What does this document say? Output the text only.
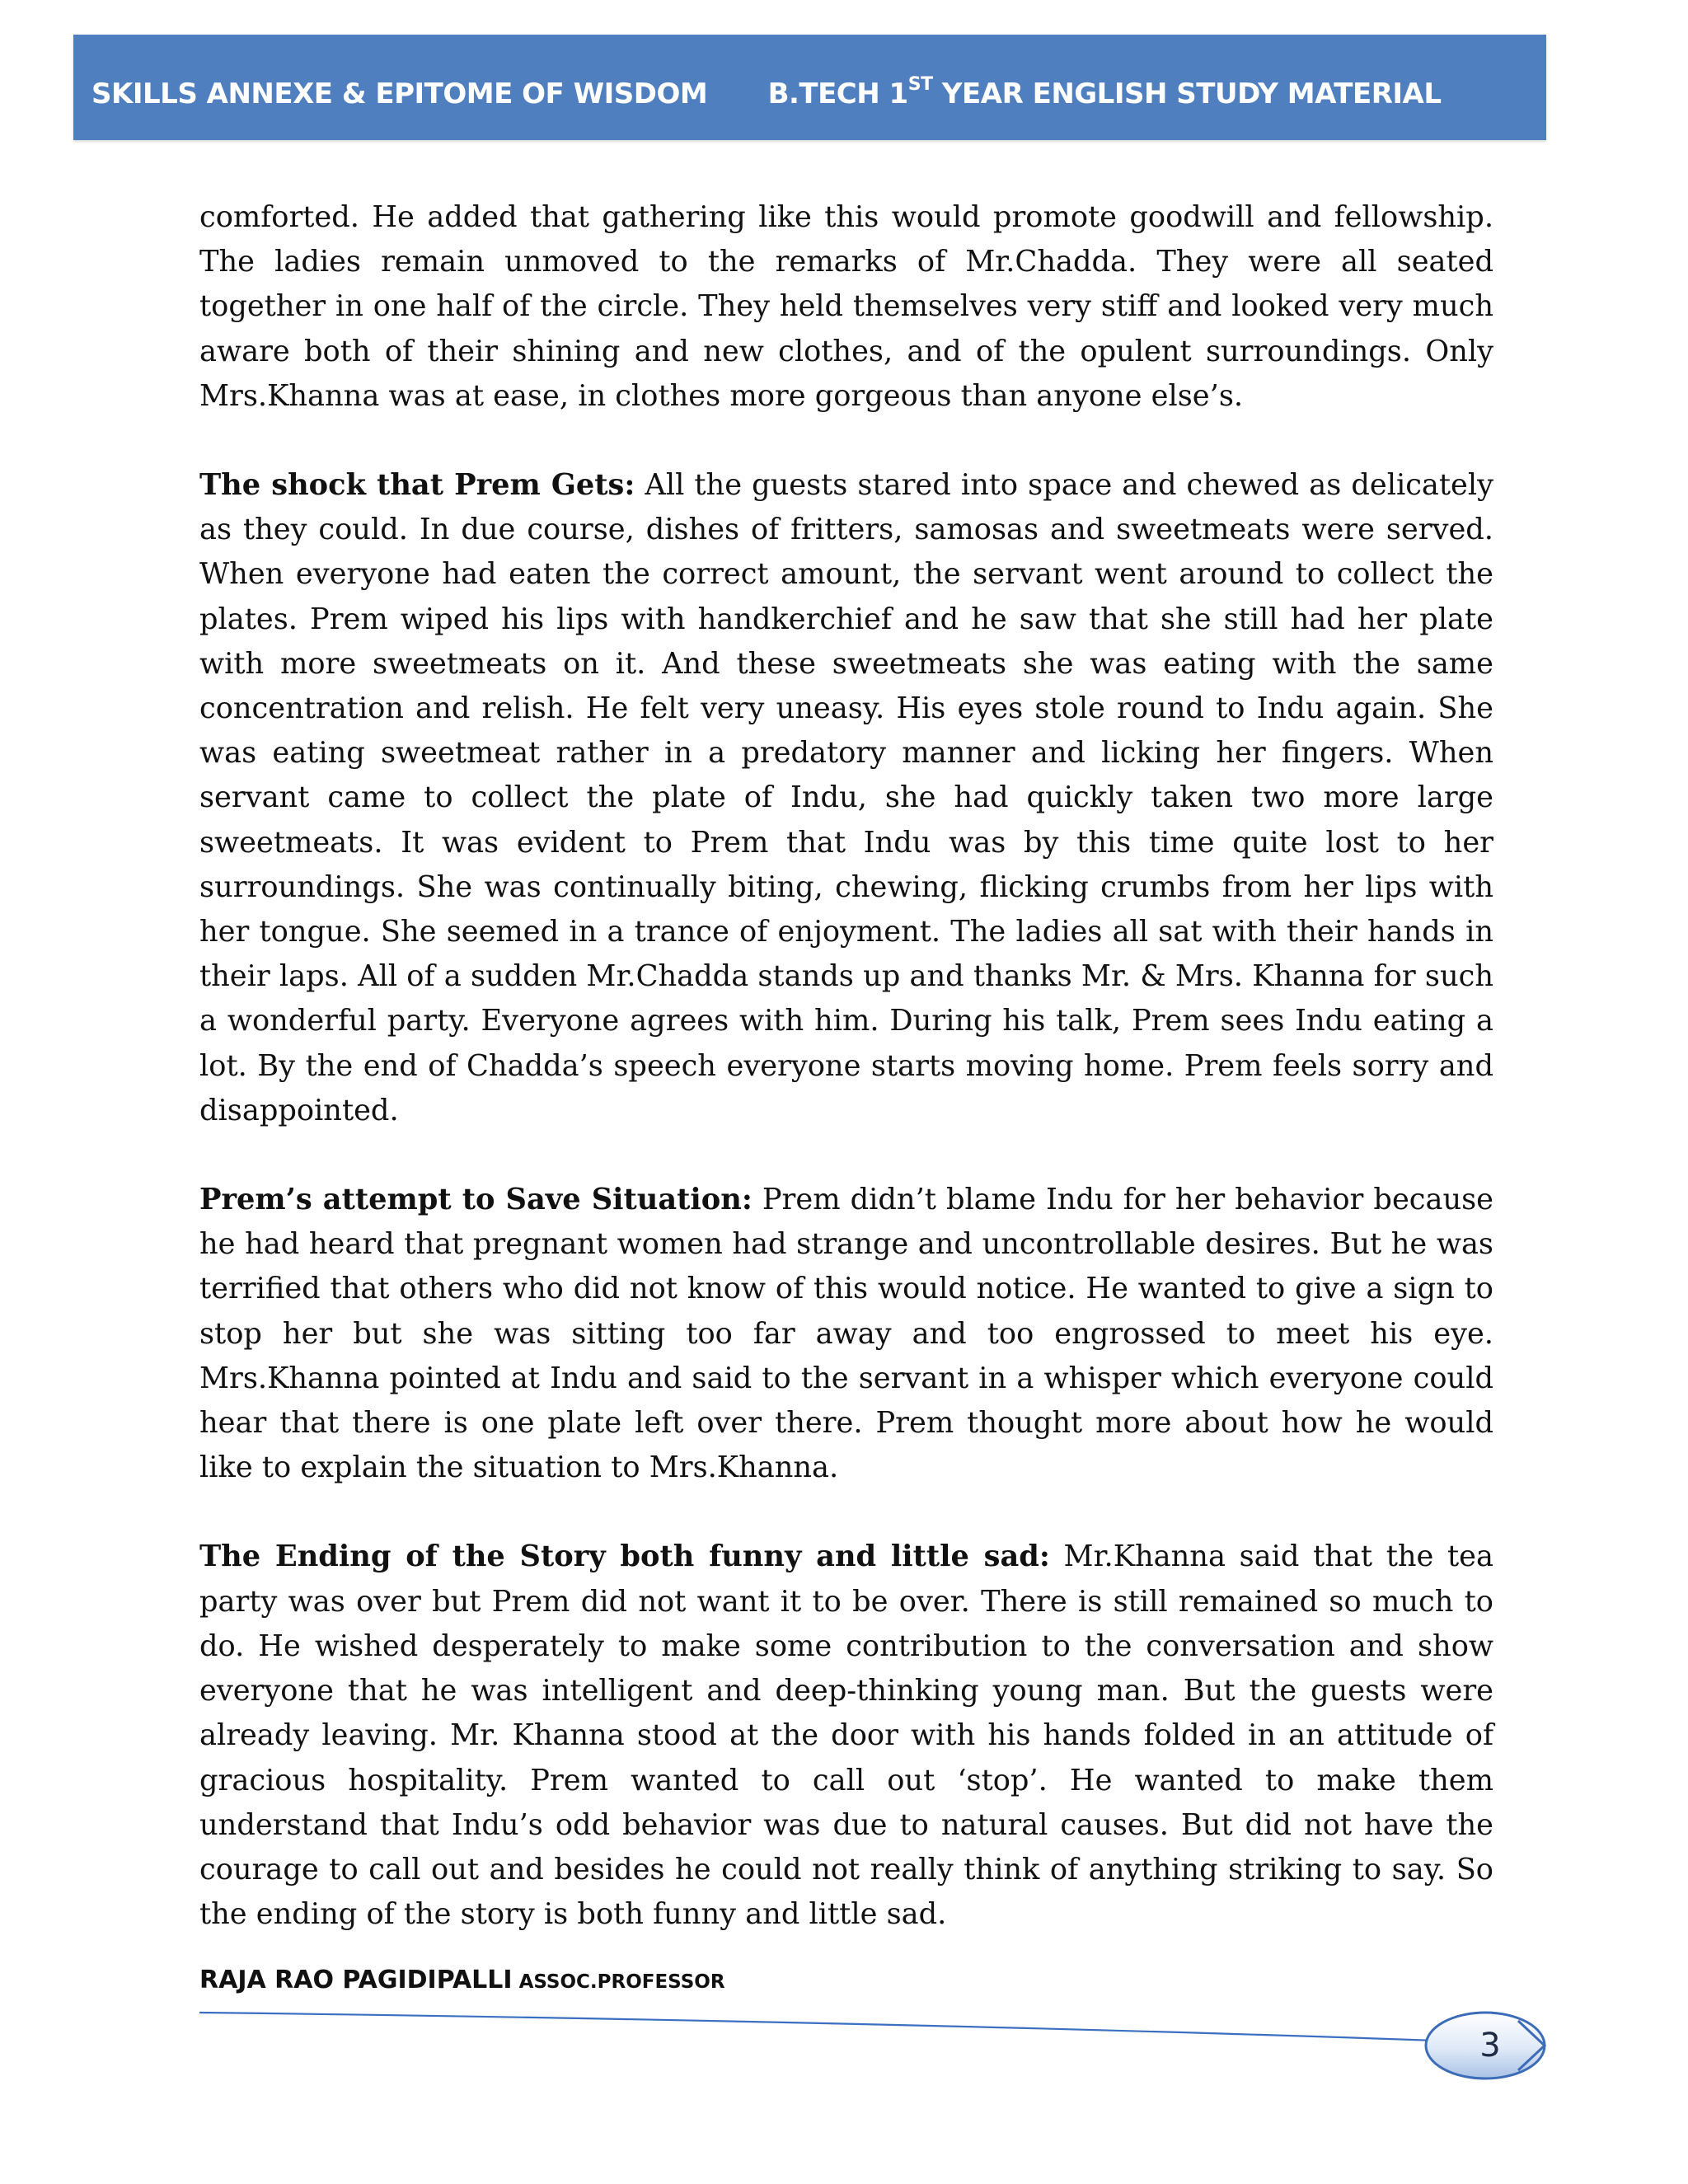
SKILLS ANNEXE & EPITOME OF WISDOM B.TECH 1ST YEAR ENGLISH STUDY MATERIAL

comforted. He added that gathering like this would promote goodwill and fellowship. The ladies remain unmoved to the remarks of Mr.Chadda. They were all seated together in one half of the circle. They held themselves very stiff and looked very much aware both of their shining and new clothes, and of the opulent surroundings. Only Mrs.Khanna was at ease, in clothes more gorgeous than anyone else’s.

The shock that Prem Gets: All the guests stared into space and chewed as delicately as they could. In due course, dishes of fritters, samosas and sweetmeats were served. When everyone had eaten the correct amount, the servant went around to collect the plates. Prem wiped his lips with handkerchief and he saw that she still had her plate with more sweetmeats on it. And these sweetmeats she was eating with the same concentration and relish. He felt very uneasy. His eyes stole round to Indu again. She was eating sweetmeat rather in a predatory manner and licking her fingers. When servant came to collect the plate of Indu, she had quickly taken two more large sweetmeats. It was evident to Prem that Indu was by this time quite lost to her surroundings. She was continually biting, chewing, flicking crumbs from her lips with her tongue. She seemed in a trance of enjoyment. The ladies all sat with their hands in their laps. All of a sudden Mr.Chadda stands up and thanks Mr. & Mrs. Khanna for such a wonderful party. Everyone agrees with him. During his talk, Prem sees Indu eating a lot. By the end of Chadda’s speech everyone starts moving home. Prem feels sorry and disappointed.

Prem’s attempt to Save Situation: Prem didn’t blame Indu for her behavior because he had heard that pregnant women had strange and uncontrollable desires. But he was terrified that others who did not know of this would notice. He wanted to give a sign to stop her but she was sitting too far away and too engrossed to meet his eye. Mrs.Khanna pointed at Indu and said to the servant in a whisper which everyone could hear that there is one plate left over there. Prem thought more about how he would like to explain the situation to Mrs.Khanna.

The Ending of the Story both funny and little sad: Mr.Khanna said that the tea party was over but Prem did not want it to be over. There is still remained so much to do. He wished desperately to make some contribution to the conversation and show everyone that he was intelligent and deep-thinking young man. But the guests were already leaving. Mr. Khanna stood at the door with his hands folded in an attitude of gracious hospitality. Prem wanted to call out ‘stop’. He wanted to make them understand that Indu’s odd behavior was due to natural causes. But did not have the courage to call out and besides he could not really think of anything striking to say. So the ending of the story is both funny and little sad.

RAJA RAO PAGIDIPALLI ASSOC.PROFESSOR
3
